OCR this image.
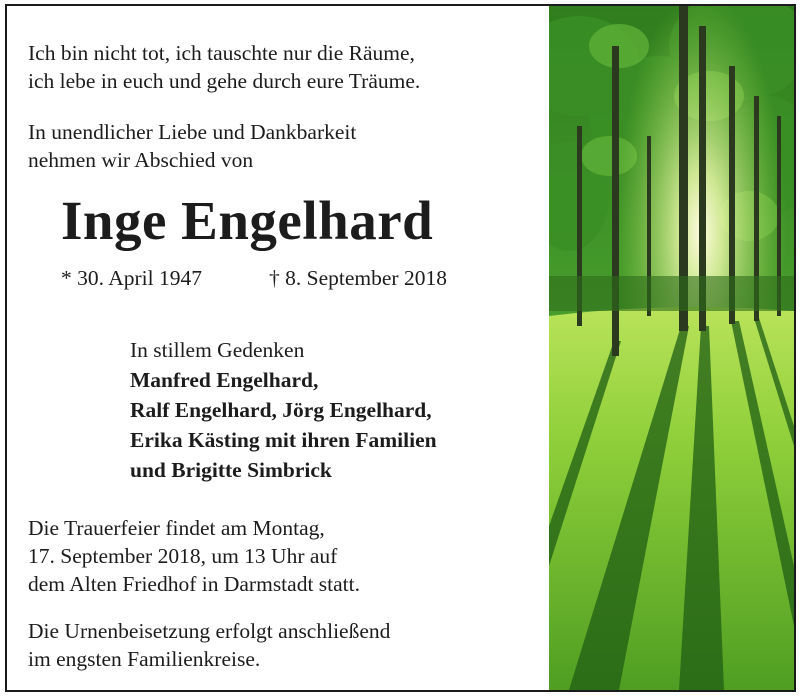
Ich bin nicht tot, ich tauschte nur die Räume,
ich lebe in euch und gehe durch eure Träume.
In unendlicher Liebe und Dankbarkeit
nehmen wir Abschied von
Inge Engelhard
* 30. April 1947	† 8. September 2018
In stillem Gedenken
Manfred Engelhard,
Ralf Engelhard, Jörg Engelhard,
Erika Kästing mit ihren Familien
und Brigitte Simbrick
Die Trauerfeier findet am Montag,
17. September 2018, um 13 Uhr auf
dem Alten Friedhof in Darmstadt statt.
Die Urnenbeisetzung erfolgt anschließend
im engsten Familienkreise.
